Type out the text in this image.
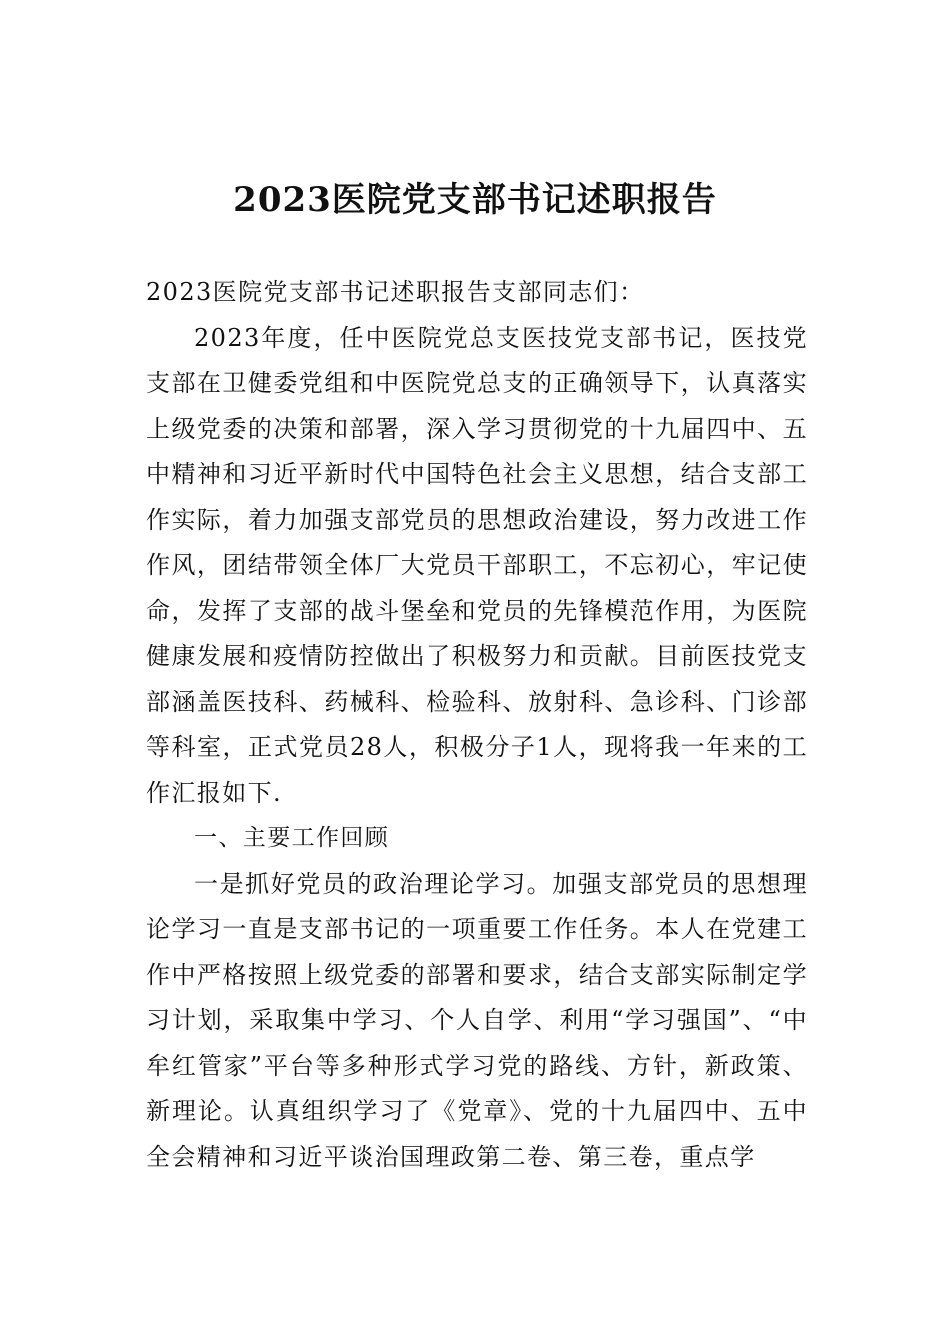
2023医院党支部书记述职报告

2023医院党支部书记述职报告支部同志们：

2023年度，任中医院党总支医技党支部书记，医技党支部在卫健委党组和中医院党总支的正确领导下，认真落实上级党委的决策和部署，深入学习贯彻党的十九届四中、五中精神和习近平新时代中国特色社会主义思想，结合支部工作实际，着力加强支部党员的思想政治建设，努力改进工作作风，团结带领全体厂大党员干部职工，不忘初心，牢记使命，发挥了支部的战斗堡垒和党员的先锋模范作用，为医院健康发展和疫情防控做出了积极努力和贡献。目前医技党支部涵盖医技科、药械科、检验科、放射科、急诊科、门诊部等科室，正式党员28人，积极分子1人，现将我一年来的工作汇报如下.

一、主要工作回顾

一是抓好党员的政治理论学习。加强支部党员的思想理论学习一直是支部书记的一项重要工作任务。本人在党建工作中严格按照上级党委的部署和要求，结合支部实际制定学习计划，采取集中学习、个人自学、利用“学习强国”、“中牟红管家”平台等多种形式学习党的路线、方针，新政策、新理论。认真组织学习了《党章》、党的十九届四中、五中全会精神和习近平谈治国理政第二卷、第三卷，重点学
